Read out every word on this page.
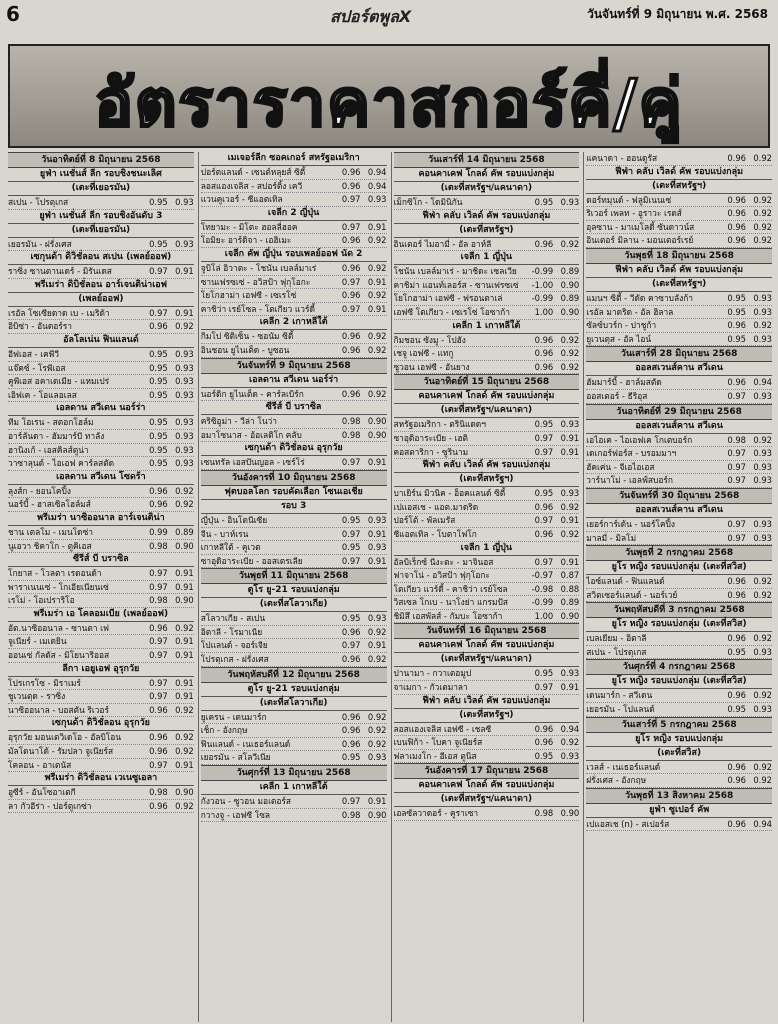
6	สปอร์ตพูลX	วันจันทร์ที่ 9 มิถุนายน พ.ศ. 2568
อัตราราคาสกอร์คี่/คู่
วันอาทิตย์ที่ 8 มิถุนายน 2568
ยูฟ่า เนชั่นส์ ลีก รอบชิงชนะเลิศ
(เตะที่เยอรมัน)
สเปน - โปรตุเกส	0.95 0.93
ยูฟ่า เนชั่นส์ ลีก รอบชิงอันดับ 3
(เตะที่เยอรมัน)
เยอรมัน - ฝรั่งเศส	0.95 0.93
เซกุนด้า ดิวิชั่ลอน สเปน (เพลย์ออฟ)
ราซิ่ง ซานตานเดร์ - มิรันเดส	0.97 0.91
พรีเมร่า ดิบิชั่ลอน อาร์เจนติน่าเอฟ
(เพลย์ออฟ)
เรอัล โซเซียดาด เบ - เมริด้า	0.97 0.91
อิบิซ่า - อันดอร์รา	0.96 0.92
อัลโลเน่น ฟินแลนด์
อีฟเอส - เคพีวี	0.95 0.93
แจ๊คซ์ - โรพีเอส	0.95 0.93
คูพีเอส อคาเดเมีย - แหมเปร่	0.95 0.93
เอิฟเค - โอแลอเลส	0.95 0.93
เอลดาน สวีเดน นอร์ร่า
ทีม โอเรน - สตอกโฮล์ม	0.95 0.93
อาร์ลันดา - ฮัมมาร์บี ทาลัง	0.95 0.93
ฮานิงเก้ - เอสคิลส์ตูน่า	0.95 0.93
วาซาลุนด์ - ไอเอฟ คาร์ลสตัด	0.95 0.93
เอลดาน สวีเดน โซดร้า
ลุงส์ก - ยอนโคปิ้ง	0.96 0.92
นอร์บี้ - ฮาสเซิลโฮล์มส์	0.96 0.92
พรีเมร่า นาซิออนาล อาร์เจนติน่า
ชาน เตลโม - เมนโดซ่า	0.99 0.89
นูเอวา ชิคาโก - ตูคิเอส	0.98 0.90
ซีรีส์ บี บราซิล
โกยาส - โวลตา เรดอนด้า	0.97 0.91
พาราเนนเซ่ - โกเอียเนียนเซ่	0.97 0.91
เรโม่ - โอเปราริโอ	0.98 0.90
พรีเมร่า เอ โคลอมเบีย (เพลย์ออฟ)
อัต.นาซิออนาล - ซานตา เฟ	0.96 0.92
จูเนียร์ - เมเดยิน	0.97 0.91
ออนเซ่ กัลดัส - มิโยนาริออส	0.97 0.91
ลีกา เอยูเอฟ อุรุกวัย
โปรเกรโซ - มิราเมร์	0.97 0.91
ชูเวนตุด - ราซิ่ง	0.97 0.91
นาซิออนาล - บอสตัน ริเวอร์	0.96 0.92
เซกุนด้า ดิวิชั่ลอน อุรุกวัย
อุรุกวัย มอนเตวิเดโอ - อัลบิโอน	0.96 0.92
มัลโดนาโด้ - รัมปลา จูเนียร์ส	0.96 0.92
โคลอน - อาเตนัส	0.97 0.91
พรีเมร่า ดิวิชั่ลอน เวเนซูเอลา
อูซีร์ - อันโซอาเตกี	0.98 0.90
ลา กัวอีร่า - ปอร์ตูเกซ่า	0.96 0.92
เมเจอร์ลีก ซอคเกอร์ สหรัฐอเมริกา
ปอร์ตแลนด์ - เซนต์หลุยส์ ซิตี้	0.96 0.94
ลอสแองเจลิส - สปอร์ติ้ง เควี	0.96 0.94
แวนคูเวอร์ - ซีแอตเทิล	0.97 0.93
เจลีก 2 ญี่ปุ่น
โทยามะ - มิโตะ ฮอลลี่ฮอค	0.97 0.91
โอมิยะ อาร์ดิจา - เอฮิเมะ	0.96 0.92
เจลีก คัพ ญี่ปุ่น รอบเพลย์ออฟ นัด 2
จูบิโล่ อิวาตะ - โชนัน เบลล์มาเร่	0.96 0.92
ซานเฟรซเซ่ - อวิสป้า ฟุกุโอกะ	0.97 0.91
โยโกฮาม่า เอฟซี - เซเรโซ่	0.96 0.92
คาชิว่า เรย์โซล - โตเกียว แวร์ดี้	0.97 0.91
เคลีก 2 เกาหลีใต้
กิมโป ซิติเซ็น - ซอนัม ซิตี้	0.96 0.92
อินชอน ยูไนเต็ด - บูซอน	0.96 0.92
วันจันทร์ที่ 9 มิถุนายน 2568
เอลดาน สวีเดน นอร์ร่า
นอร์ดิก ยูไนเต็ด - คาร์ลเบิร์ก	0.96 0.92
ซีรีส์ บี บราซิล
คริซิอูม่า - วีล่า โนว่า	0.98 0.90
อมาโซนาส - อ้อเลติโก คลับ	0.98 0.90
เซกุนด้า ดิวิชั่ลอน อุรุกวัย
เซนทรัล เอสปันญอล - เซร์โร่	0.97 0.91
วันอังคารที่ 10 มิถุนายน 2568
ฟุตบอลโลก รอบคัดเลือก โซนเอเชีย
รอบ 3
ญี่ปุ่น - อินโดนีเซีย	0.95 0.93
จีน - บาห์เรน	0.97 0.91
เกาหลีใต้ - คูเวต	0.95 0.93
ซาอุดิอาระเบีย - ออสเตรเลีย	0.97 0.91
วันพุธที่ 11 มิถุนายน 2568
ตูโร ยู-21 รอบแบ่งกลุ่ม
(เตะที่สโลวาเกีย)
สโลวาเกีย - สเปน	0.95 0.93
อิตาลี - โรมาเนีย	0.96 0.92
โปแลนด์ - จอร์เจีย	0.97 0.91
โปรตุเกส - ฝรั่งเศส	0.96 0.92
วันพฤหัสบดีที่ 12 มิถุนายน 2568
ตูโร ยู-21 รอบแบ่งกลุ่ม
(เตะที่สโลวาเกีย)
ยูเครน - เดนมาร์ก	0.96 0.92
เช็ก - อังกฤษ	0.96 0.92
ฟินแลนด์ - เนเธอร์แลนด์	0.96 0.92
เยอรมัน - สโลวีเนีย	0.95 0.93
วันศุกร์ที่ 13 มิถุนายน 2568
เคลีก 1 เกาหลีใต้
กังวอน - ซูวอน มอเตอร์ส	0.97 0.91
กวางจู - เอฟซี โซล	0.98 0.90
วันเสาร์ที่ 14 มิถุนายน 2568
คอนคาเคฟ โกลด์ คัพ รอบแบ่งกลุ่ม
(เตะที่สหรัฐฯ/แคนาดา)
เม็กซิโก - โดมินิกัน	0.95 0.93
ฟีฟ่า คลับ เวิลด์ คัพ รอบแบ่งกลุ่ม
(เตะที่สหรัฐฯ)
อินเตอร์ ไมอามี่ - อัล อาห์ลี	0.96 0.92
เจลีก 1 ญี่ปุ่น
โชนัน เบลล์มาเร่ - มาชิดะ เซลเวีย	-0.99 0.89
คาชิม่า แอนท์เลอร์ส - ซานเฟรซเซ่	-1.00 0.90
โยโกฮาม่า เอฟซี - ฟรอนตาเล่	-0.99 0.89
เอฟซี โตเกียว - เซเรโซ่ โอซาก้า	1.00 0.90
เคลีก 1 เกาหลีใต้
กิมชอน ซังมู - โปฮัง	0.96 0.92
เชจู เอฟซี - แทกู	0.96 0.92
ซูวอน เอฟซี - อันยาง	0.96 0.92
วันอาทิตย์ที่ 15 มิถุนายน 2568
คอนคาเคฟ โกลด์ คัพ รอบแบ่งกลุ่ม
(เตะที่สหรัฐฯ/แคนาดา)
สหรัฐอเมริกา - ตรินิแดดฯ	0.95 0.93
ซาอุดิอาระเบีย - เฮติ	0.97 0.91
คอสตาริกา - ซูรินาม	0.97 0.91
ฟีฟ่า คลับ เวิลด์ คัพ รอบแบ่งกลุ่ม
(เตะที่สหรัฐฯ)
บาเยิร์น มิวนิค - อ็อคแลนด์ ซิตี้	0.95 0.93
เปแอสเช - แอต.มาดริด	0.96 0.92
ปอร์โต้ - พัลเมรัส	0.97 0.91
ซีแอตเทิล - โบตาโฟโก	0.96 0.92
เจลีก 1 ญี่ปุ่น
อัลบิเร็กซ์ นีงะตะ - มาจินอส	0.97 0.91
ฟาจาโน่ - อวิสป้า ฟุกุโอกะ	-0.97 0.87
โตเกียว แวร์ดี้ - คาชิว่า เรย์โซล	-0.98 0.88
วิสเซล โกเบ - นาโงย่า แกรมปัส	-0.99 0.89
ชิมิสึ เอสพัลส์ - กัมบะ โอซาก้า	1.00 0.90
วันจันทร์ที่ 16 มิถุนายน 2568
คอนคาเคฟ โกลด์ คัพ รอบแบ่งกลุ่ม
(เตะที่สหรัฐฯ/แคนาดา)
ปานามา - กวาเตอมูป	0.95 0.93
จาเมกา - กัวเตมาลา	0.97 0.91
ฟีฟ่า คลับ เวิลด์ คัพ รอบแบ่งกลุ่ม
(เตะที่สหรัฐฯ)
ลอสแองเจลิส เอฟซี - เชลซี	0.96 0.94
เบนฟิก้า - โบคา จูเนียร์ส	0.96 0.92
ฟลาเมงโก - อีเอส ตูนิส	0.95 0.93
วันอังคารที่ 17 มิถุนายน 2568
คอนคาเคฟ โกลด์ คัพ รอบแบ่งกลุ่ม
(เตะที่สหรัฐฯ/แคนาดา)
เอลซัลวาดอร์ - คูราเซา	0.98 0.90
แคนาดา - ฮอนดูรัส	0.96 0.92
ฟีฟ่า คลับ เวิลด์ คัพ รอบแบ่งกลุ่ม
(เตะที่สหรัฐฯ)
ดอร์ทมุนด์ - ฟลูมิเนนเซ่	0.96 0.92
ริเวอร์ เพลท - อูราวะ เรดส์	0.96 0.92
อุลซาน - มาเมโลดี้ ซันดาวน์ส	0.96 0.92
อินเตอร์ มิลาน - มอนเตอร์เรย์	0.96 0.92
วันพุธที่ 18 มิถุนายน 2568
ฟีฟ่า คลับ เวิลด์ คัพ รอบแบ่งกลุ่ม
(เตะที่สหรัฐฯ)
แมนฯ ซิตี้ - วีดัด คาซาบลังก้า	0.95 0.93
เรอัล มาดริด - อัล ฮิลาล	0.95 0.93
ซัลซ์บวร์ก - ปาชูก้า	0.96 0.92
ยูเวนตุส - อัล ไอน์	0.95 0.93
วันเสาร์ที่ 28 มิถุนายน 2568
ออลสเวนส์คาน สวีเดน
ฮัมมาร์บี้ - ฮาล์มสตัด	0.96 0.94
ออสเตอร์ - ธีริอุส	0.97 0.93
วันอาทิตย์ที่ 29 มิถุนายน 2568
ออลสเวนส์คาน สวีเดน
เอไอเค - ไอเอฟเค โกเตบอร์ก	0.98 0.92
เดเกอร์ฟอร์ส - บรอมมาฯ	0.97 0.93
ฮัคเค่น - จีเอไอเอส	0.97 0.93
วาร์นาโม่ - เอลฟ์สบอร์ก	0.97 0.93
วันจันทร์ที่ 30 มิถุนายน 2568
ออลสเวนส์คาน สวีเดน
เยอร์การ์เด้น - นอร์โคปิ้ง	0.97 0.93
มาลมี่ - มิลโม่	0.97 0.93
วันพุธที่ 2 กรกฎาคม 2568
ยูโร หญิง รอบแบ่งกลุ่ม (เตะที่สวิส)
ไอซ์แลนด์ - ฟินแลนด์	0.96 0.92
สวิตเซอร์แลนด์ - นอร์เวย์	0.96 0.92
วันพฤหัสบดีที่ 3 กรกฎาคม 2568
ยูโร หญิง รอบแบ่งกลุ่ม (เตะที่สวิส)
เบลเยียม - อิตาลี	0.96 0.92
สเปน - โปรตุเกส	0.95 0.93
วันศุกร์ที่ 4 กรกฎาคม 2568
ยูโร หญิง รอบแบ่งกลุ่ม (เตะที่สวิส)
เดนมาร์ก - สวีเดน	0.96 0.92
เยอรมัน - โปแลนด์	0.95 0.93
วันเสาร์ที่ 5 กรกฎาคม 2568
ยูโร หญิง รอบแบ่งกลุ่ม
(เตะที่สวิส)
เวลส์ - เนเธอร์แลนด์	0.96 0.92
ฝรั่งเศส - อังกฤษ	0.96 0.92
วันพุธที่ 13 สิงหาคม 2568
ยูฟ่า ซูเปอร์ คัพ
เปแอสเช (n) - สเปอร์ส	0.96 0.94
